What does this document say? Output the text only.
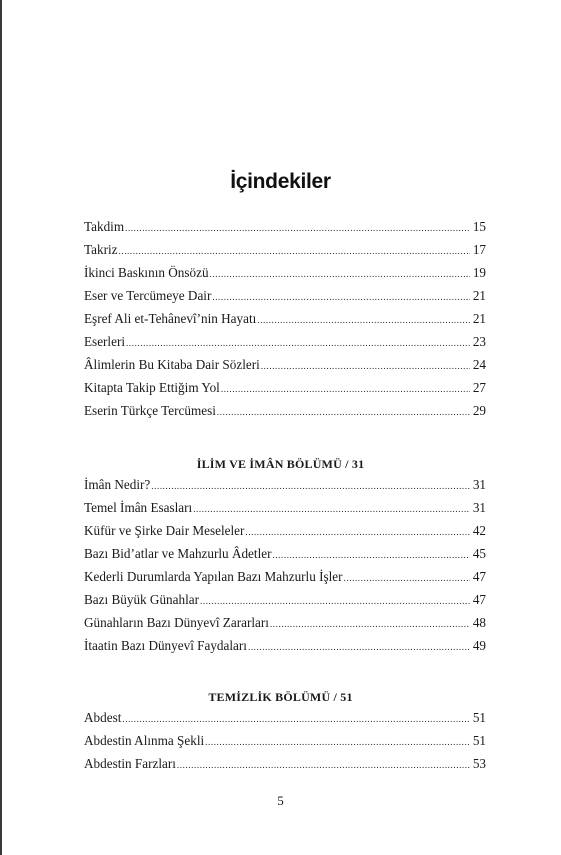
İçindekiler
Takdim .....	15
Takriz .....	17
İkinci Baskının Önsözü .....	19
Eser ve Tercümeye Dair .....	21
Eşref Ali et-Tehânevî’nin Hayatı .....	21
Eserleri .....	23
Âlimlerin Bu Kitaba Dair Sözleri .....	24
Kitapta Takip Ettiğim Yol .....	27
Eserin Türkçe Tercümesi .....	29
İLİM VE İMÂN BÖLÜMÜ / 31
İmân Nedir? .....	31
Temel İmân Esasları .....	31
Küfür ve Şirke Dair Meseleler .....	42
Bazı Bid’atlar ve Mahzurlu Âdetler .....	45
Kederli Durumlarda Yapılan Bazı Mahzurlu İşler .....	47
Bazı Büyük Günahlar .....	47
Günahların Bazı Dünyevî Zararları .....	48
İtaatin Bazı Dünyevî Faydaları .....	49
TEMİZLİK BÖLÜMÜ / 51
Abdest .....	51
Abdestin Alınma Şekli .....	51
Abdestin Farzları .....	53
5
